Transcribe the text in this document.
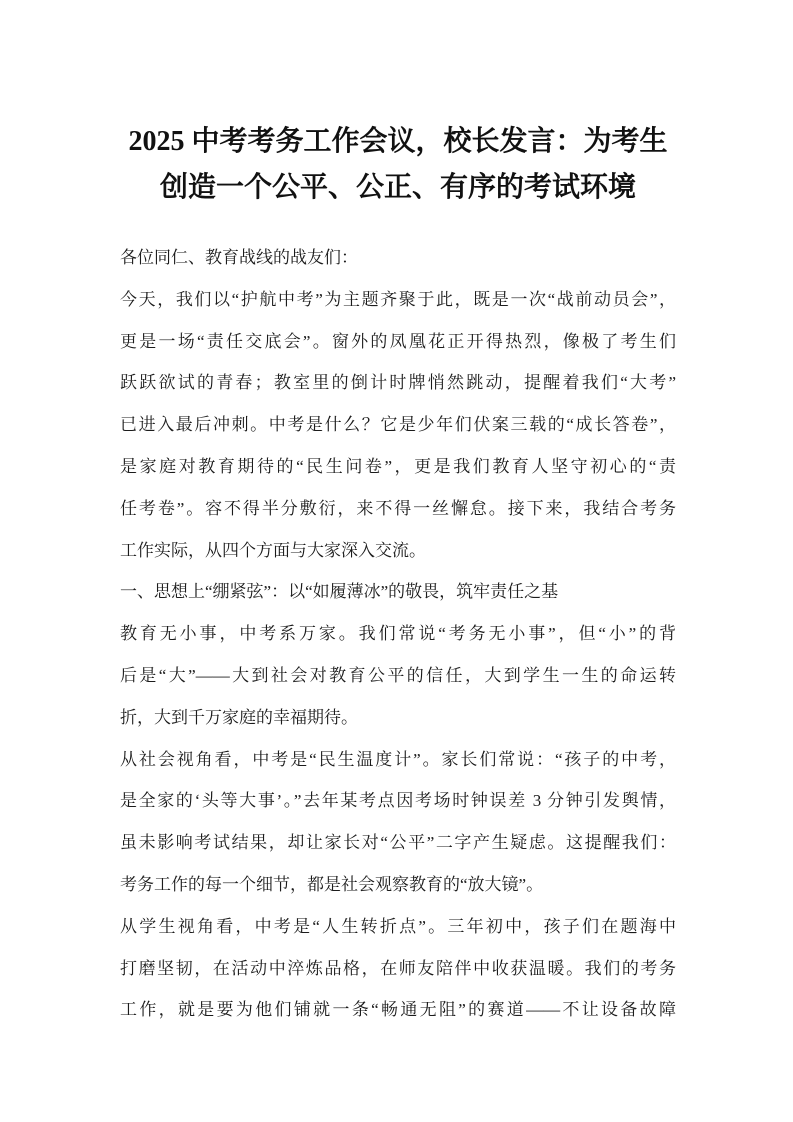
2025 中考考务工作会议，校长发言：为考生
创造一个公平、公正、有序的考试环境
各位同仁、教育战线的战友们：
今天，我们以“护航中考”为主题齐聚于此，既是一次“战前动员会”，
更是一场“责任交底会”。窗外的凤凰花正开得热烈，像极了考生们
跃跃欲试的青春；教室里的倒计时牌悄然跳动，提醒着我们“大考”
已进入最后冲刺。中考是什么？它是少年们伏案三载的“成长答卷”，
是家庭对教育期待的“民生问卷”，更是我们教育人坚守初心的“责
任考卷”。容不得半分敷衍，来不得一丝懈怠。接下来，我结合考务
工作实际，从四个方面与大家深入交流。
一、思想上“绷紧弦”：以“如履薄冰”的敬畏，筑牢责任之基
教育无小事，中考系万家。我们常说“考务无小事”，但“小”的背
后是“大”——大到社会对教育公平的信任，大到学生一生的命运转
折，大到千万家庭的幸福期待。
从社会视角看，中考是“民生温度计”。家长们常说：“孩子的中考，
是全家的‘头等大事’。”去年某考点因考场时钟误差 3 分钟引发舆情，
虽未影响考试结果，却让家长对“公平”二字产生疑虑。这提醒我们：
考务工作的每一个细节，都是社会观察教育的“放大镜”。
从学生视角看，中考是“人生转折点”。三年初中，孩子们在题海中
打磨坚韧，在活动中淬炼品格，在师友陪伴中收获温暖。我们的考务
工作，就是要为他们铺就一条“畅通无阻”的赛道——不让设备故障
